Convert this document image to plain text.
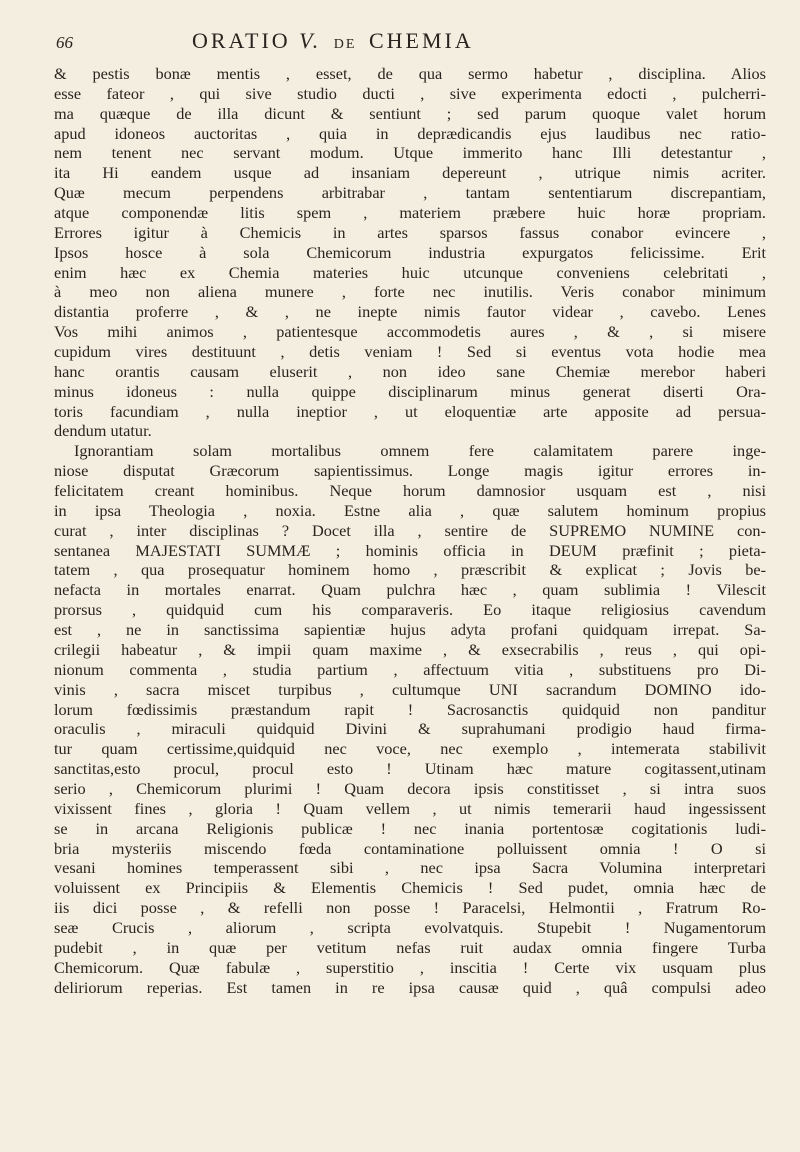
66	ORATIO V. DE CHEMIA
& pestis bonæ mentis , esset, de qua sermo habetur , disciplina. Alios
esse fateor , qui sive studio ducti , sive experimenta edocti , pulcherri-
ma quæque de illa dicunt & sentiunt ; sed parum quoque valet horum
apud idoneos auctoritas , quia in deprædicandis ejus laudibus nec ratio-
nem tenent nec servant modum. Utque immerito hanc Illi detestantur ,
ita Hi eandem usque ad insaniam depereunt , utrique nimis acriter.
Quæ mecum perpendens arbitrabar , tantam sententiarum discrepantiam,
atque componendæ litis spem , materiem præbere huic horæ propriam.
Errores igitur à Chemicis in artes sparsos fassus conabor evincere ,
Ipsos hosce à sola Chemicorum industria expurgatos felicissime. Erit
enim hæc ex Chemia materies huic utcunque conveniens celebritati ,
à meo non aliena munere , forte nec inutilis. Veris conabor minimum
distantia proferre , & , ne inepte nimis fautor videar , cavebo. Lenes
Vos mihi animos , patientesque accommodetis aures , & , si misere
cupidum vires destituunt , detis veniam ! Sed si eventus vota hodie mea
hanc orantis causam eluserit , non ideo sane Chemiæ merebor haberi
minus idoneus : nulla quippe disciplinarum minus generat diserti Ora-
toris facundiam , nulla ineptior , ut eloquentiæ arte apposite ad persua-
dendum utatur.
Ignorantiam solam mortalibus omnem fere calamitatem parere inge-
niose disputat Græcorum sapientissimus. Longe magis igitur errores in-
felicitatem creant hominibus. Neque horum damnosior usquam est , nisi
in ipsa Theologia , noxia. Estne alia , quæ salutem hominum propius
curat , inter disciplinas ? Docet illa , sentire de SUPREMO NUMINE con-
sentanea MAJESTATI SUMMÆ ; hominis officia in DEUM præfinit ; pieta-
tatem , qua prosequatur hominem homo , præscribit & explicat ; Jovis be-
nefacta in mortales enarrat. Quam pulchra hæc , quam sublimia ! Vilescit
prorsus , quidquid cum his comparaveris. Eo itaque religiosius cavendum
est , ne in sanctissima sapientiæ hujus adyta profani quidquam irrepat. Sa-
crilegii habeatur , & impii quam maxime , & exsecrabilis , reus , qui opi-
nionum commenta , studia partium , affectuum vitia , substituens pro Di-
vinis , sacra miscet turpibus , cultumque UNI sacrandum DOMINO ido-
lorum fœdissimis præstandum rapit ! Sacrosanctis quidquid non panditur
oraculis , miraculi quidquid Divini & suprahumani prodigio haud firma-
tur quam certissime,quidquid nec voce, nec exemplo , intemerata stabilivit
sanctitas,esto procul, procul esto ! Utinam hæc mature cogitassent,utinam
serio , Chemicorum plurimi ! Quam decora ipsis constitisset , si intra suos
vixissent fines , gloria ! Quam vellem , ut nimis temerarii haud ingessissent
se in arcana Religionis publicæ ! nec inania portentosæ cogitationis ludi-
bria mysteriis miscendo fœda contaminatione polluissent omnia ! O si
vesani homines temperassent sibi , nec ipsa Sacra Volumina interpretari
voluissent ex Principiis & Elementis Chemicis ! Sed pudet, omnia hæc de
iis dici posse , & refelli non posse ! Paracelsi, Helmontii , Fratrum Ro-
seæ Crucis , aliorum , scripta evolvatquis. Stupebit ! Nugamentorum
pudebit , in quæ per vetitum nefas ruit audax omnia fingere Turba
Chemicorum. Quæ fabulæ , superstitio , inscitia ! Certe vix usquam plus
deliriorum reperias. Est tamen in re ipsa causæ quid , quâ compulsi adeo
